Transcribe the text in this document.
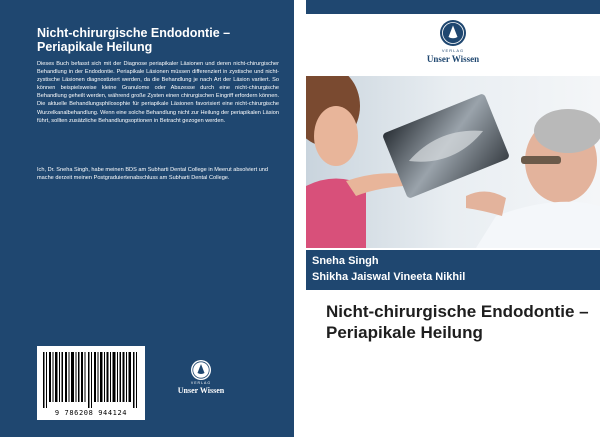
Nicht-chirurgische Endodontie – Periapikale Heilung
Dieses Buch befasst sich mit der Diagnose periapikaler Läsionen und deren nicht-chirurgischer Behandlung in der Endodontie. Periapikale Läsionen müssen differenziert in zystische und nicht-zystische Läsionen diagnostiziert werden, da die Behandlung je nach Art der Läsion variiert. So können beispielsweise kleine Granulome oder Abszesse durch eine nicht-chirurgische Behandlung geheilt werden, während große Zysten einen chirurgischen Eingriff erfordern können. Die aktuelle Behandlungsphilosophie für periapikale Läsionen favorisiert eine nicht-chirurgische Wurzelkanalbehandlung. Wenn eine solche Behandlung nicht zur Heilung der periapikalen Läsion führt, sollten zusätzliche Behandlungsoptionen in Betracht gezogen werden.
Ich, Dr. Sneha Singh, habe meinen BDS am Subharti Dental College in Meerut absolviert und mache derzeit meinen Postgraduiertenabschluss am Subharti Dental College.
9 786208 944124
VERLAG
Unser Wissen
VERLAG
Unser Wissen
Sneha Singh
Shikha Jaiswal Vineeta Nikhil
Nicht-chirurgische Endodontie – Periapikale Heilung
